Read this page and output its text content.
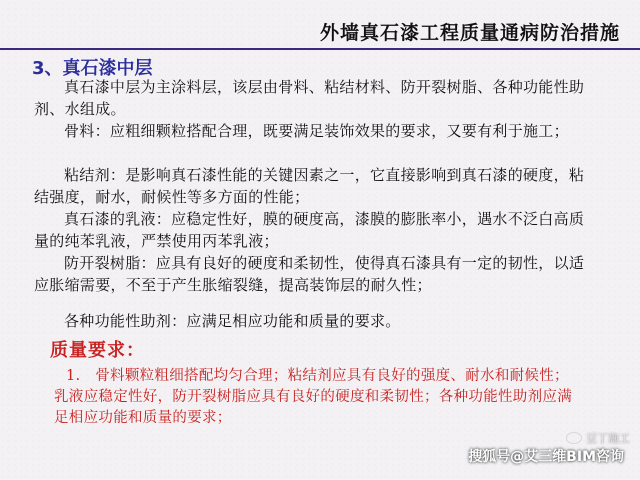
外墙真石漆工程质量通病防治措施
3、真石漆中层
真石漆中层为主涂料层，该层由骨料、粘结材料、防开裂树脂、各种功能性助剂、水组成。
骨料：应粗细颗粒搭配合理，既要满足装饰效果的要求，又要有利于施工；
粘结剂：是影响真石漆性能的关键因素之一，它直接影响到真石漆的硬度，粘结强度，耐水，耐候性等多方面的性能；
真石漆的乳液：应稳定性好，膜的硬度高，漆膜的膨胀率小，遇水不泛白高质量的纯苯乳液，严禁使用丙苯乳液；
防开裂树脂：应具有良好的硬度和柔韧性，使得真石漆具有一定的韧性，以适应胀缩需要，不至于产生胀缩裂缝，提高装饰层的耐久性；
各种功能性助剂：应满足相应功能和质量的要求。
质量要求：
1.　骨料颗粒粗细搭配均匀合理；粘结剂应具有良好的强度、耐水和耐候性；乳液应稳定性好，防开裂树脂应具有良好的硬度和柔韧性；各种功能性助剂应满足相应功能和质量的要求；
豆丁施工
搜狐号@艾三维BIM咨询
